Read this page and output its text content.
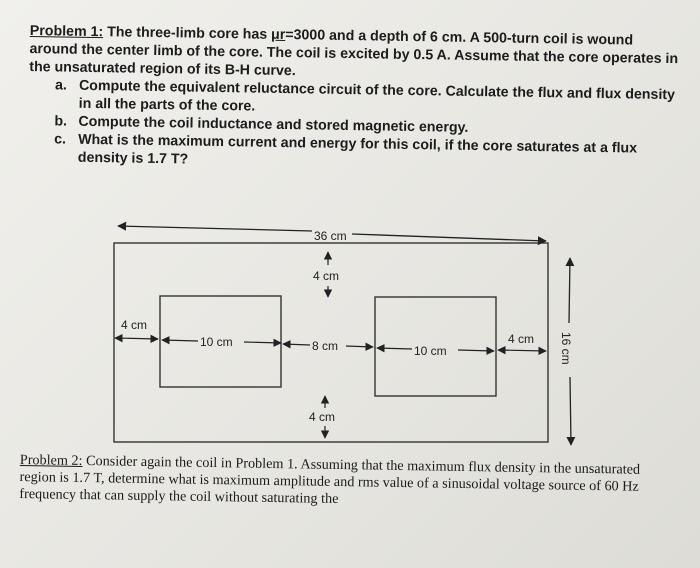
Problem 1: The three-limb core has μr=3000 and a depth of 6 cm. A 500-turn coil is wound around the center limb of the core. The coil is excited by 0.5 A. Assume that the core operates in the unsaturated region of its B-H curve.
a. Compute the equivalent reluctance circuit of the core. Calculate the flux and flux density in all the parts of the core.
b. Compute the coil inductance and stored magnetic energy.
c. What is the maximum current and energy for this coil, if the core saturates at a flux density is 1.7 T?
36 cm
4 cm
4 cm
10 cm	8 cm	10 cm
4 cm
4 cm
16 cm
Problem 2: Consider again the coil in Problem 1. Assuming that the maximum flux density in the unsaturated region is 1.7 T, determine what is maximum amplitude and rms value of a sinusoidal voltage source of 60 Hz frequency that can supply the coil without saturating the
